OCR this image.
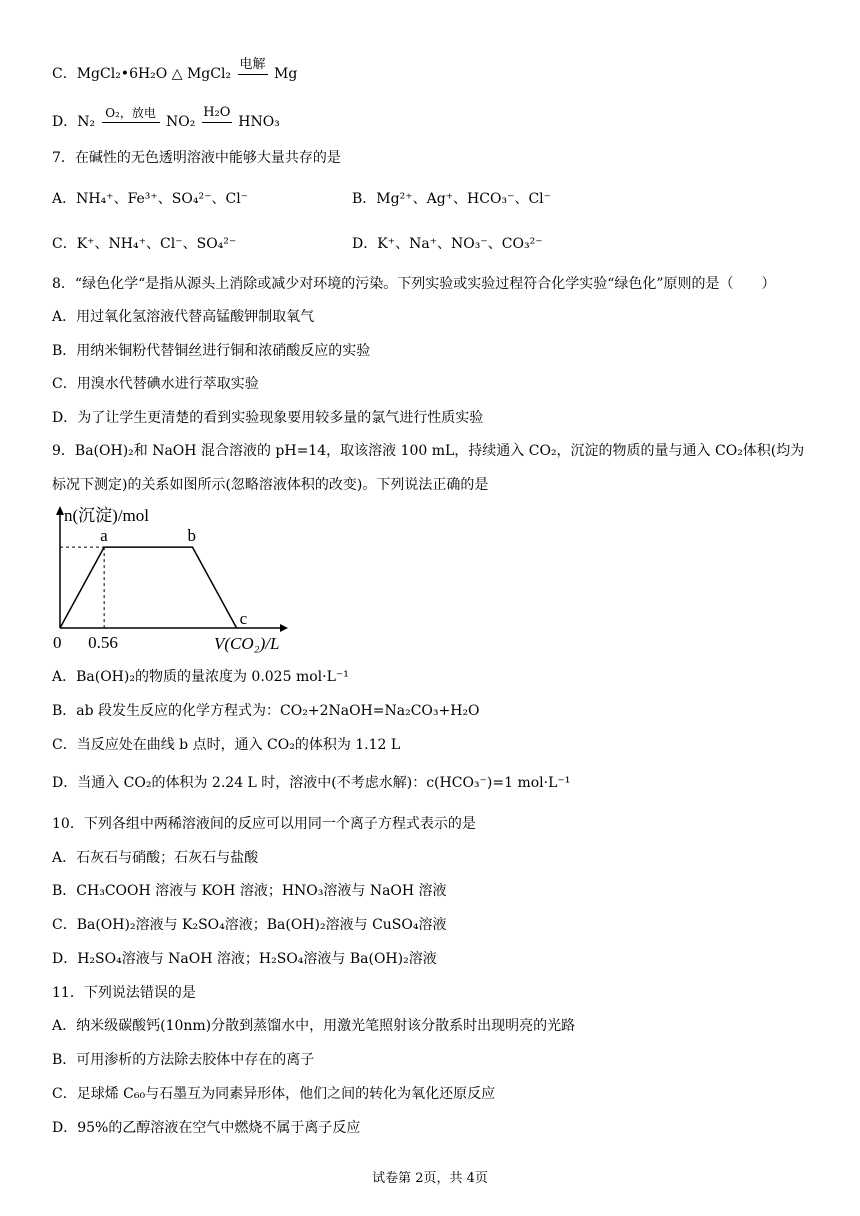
C．MgCl₂•6H₂O △ MgCl₂
电解
Mg
D．N₂
O₂，放电
NO₂
H₂O
HNO₃
7．在碱性的无色透明溶液中能够大量共存的是
A．NH₄⁺、Fe³⁺、SO₄²⁻、Cl⁻	B．Mg²⁺、Ag⁺、HCO₃⁻、Cl⁻
C．K⁺、NH₄⁺、Cl⁻、SO₄²⁻	D．K⁺、Na⁺、NO₃⁻、CO₃²⁻
8．“绿色化学“是指从源头上消除或减少对环境的污染。下列实验或实验过程符合化学实验“绿色化”原则的是（　　）
A．用过氧化氢溶液代替高锰酸钾制取氧气
B．用纳米铜粉代替铜丝进行铜和浓硝酸反应的实验
C．用溴水代替碘水进行萃取实验
D．为了让学生更清楚的看到实验现象要用较多量的氯气进行性质实验
9．Ba(OH)₂和 NaOH 混合溶液的 pH=14，取该溶液 100 mL，持续通入 CO₂，沉淀的物质的量与通入 CO₂体积(均为
标况下测定)的关系如图所示(忽略溶液体积的改变)。下列说法正确的是
a	b
c
0 0.56	V(CO₂)/L
n(沉淀)/mol
A．Ba(OH)₂的物质的量浓度为 0.025 mol·L⁻¹
B．ab 段发生反应的化学方程式为：CO₂+2NaOH=Na₂CO₃+H₂O
C．当反应处在曲线 b 点时，通入 CO₂的体积为 1.12 L
D．当通入 CO₂的体积为 2.24 L 时，溶液中(不考虑水解)：c(HCO₃⁻)=1 mol·L⁻¹
10．下列各组中两稀溶液间的反应可以用同一个离子方程式表示的是
A．石灰石与硝酸；石灰石与盐酸
B．CH₃COOH 溶液与 KOH 溶液；HNO₃溶液与 NaOH 溶液
C．Ba(OH)₂溶液与 K₂SO₄溶液；Ba(OH)₂溶液与 CuSO₄溶液
D．H₂SO₄溶液与 NaOH 溶液；H₂SO₄溶液与 Ba(OH)₂溶液
11．下列说法错误的是
A．纳米级碳酸钙(10nm)分散到蒸馏水中，用激光笔照射该分散系时出现明亮的光路
B．可用渗析的方法除去胶体中存在的离子
C．足球烯 C₆₀与石墨互为同素异形体，他们之间的转化为氧化还原反应
D．95%的乙醇溶液在空气中燃烧不属于离子反应
试卷第 2页，共 4页
